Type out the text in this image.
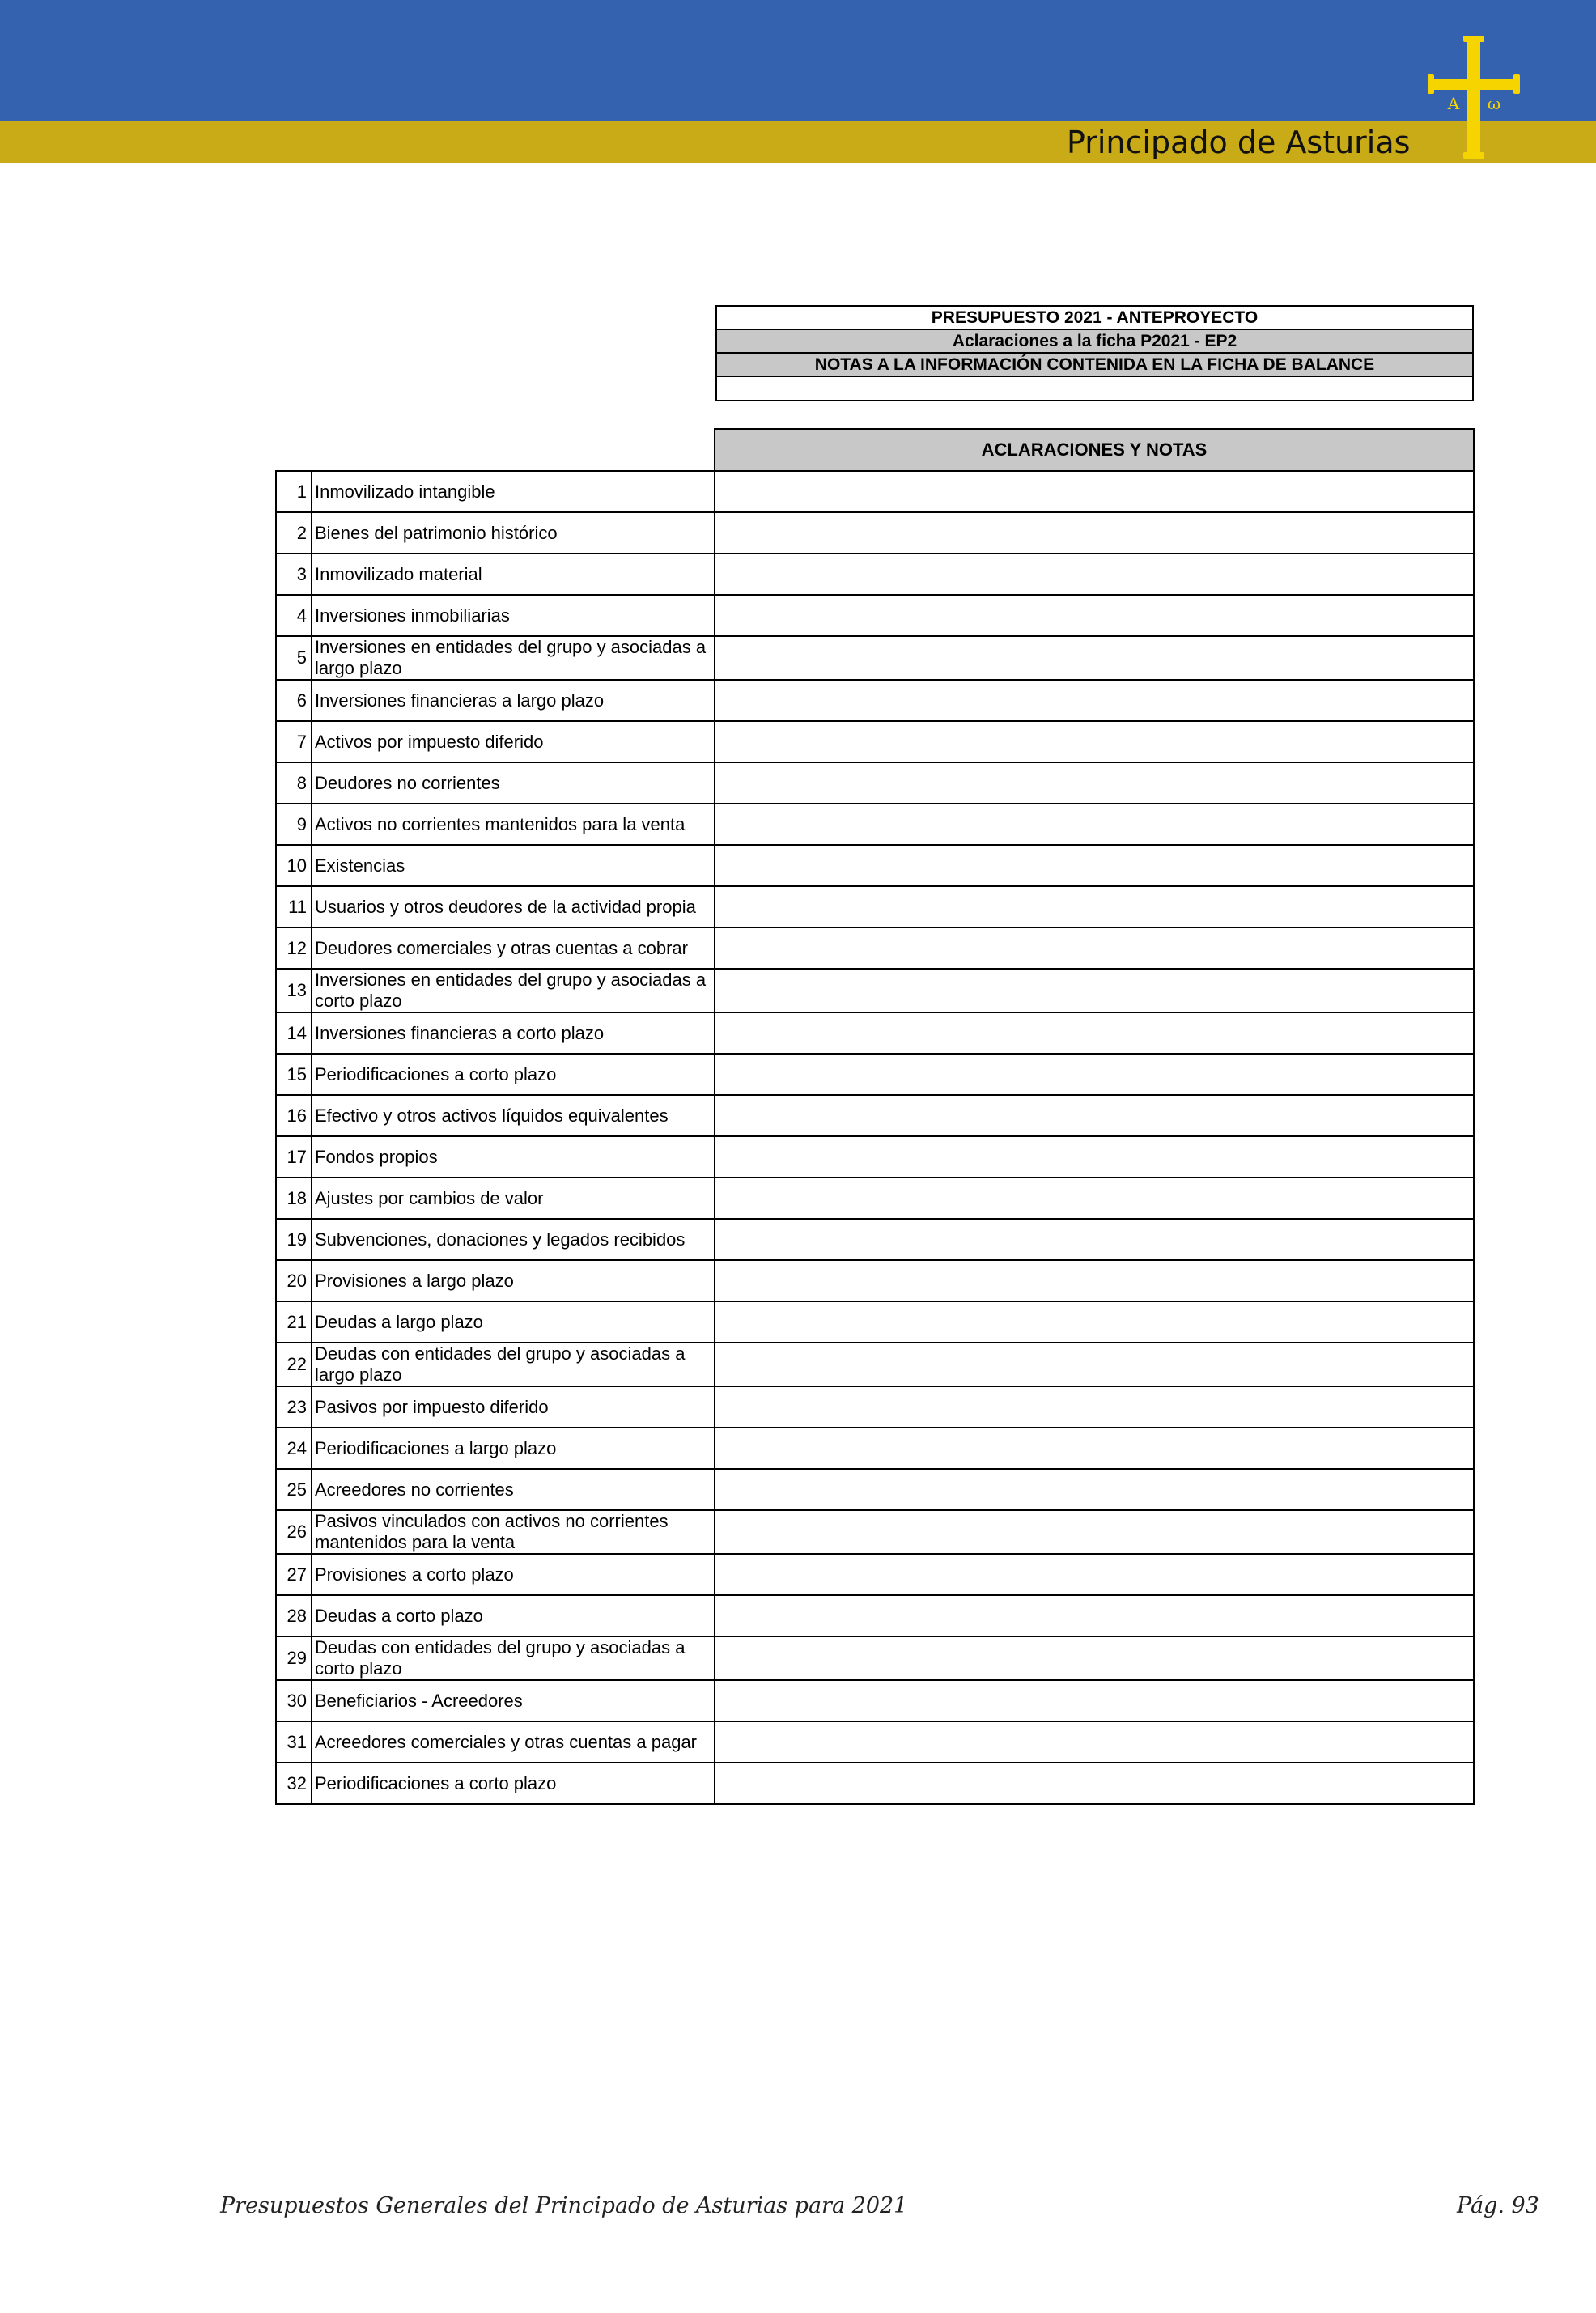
A ω
Principado de Asturias
PRESUPUESTO 2021 - ANTEPROYECTO
Aclaraciones a la ficha P2021 - EP2
NOTAS A LA INFORMACIÓN CONTENIDA EN LA FICHA DE BALANCE

		ACLARACIONES Y NOTAS
1	Inmovilizado intangible	
2	Bienes del patrimonio histórico	
3	Inmovilizado material	
4	Inversiones inmobiliarias	
5	Inversiones en entidades del grupo y asociadas a largo plazo	
6	Inversiones financieras a largo plazo	
7	Activos por impuesto diferido	
8	Deudores no corrientes	
9	Activos no corrientes mantenidos para la venta	
10	Existencias	
11	Usuarios y otros deudores de la actividad propia	
12	Deudores comerciales y otras cuentas a cobrar	
13	Inversiones en entidades del grupo y asociadas a corto plazo	
14	Inversiones financieras a corto plazo	
15	Periodificaciones a corto plazo	
16	Efectivo y otros activos líquidos equivalentes	
17	Fondos propios	
18	Ajustes por cambios de valor	
19	Subvenciones, donaciones y legados recibidos	
20	Provisiones a largo plazo	
21	Deudas a largo plazo	
22	Deudas con entidades del grupo y asociadas a largo plazo	
23	Pasivos por impuesto diferido	
24	Periodificaciones a largo plazo	
25	Acreedores no corrientes	
26	Pasivos vinculados con activos no corrientes mantenidos para la venta	
27	Provisiones a corto plazo	
28	Deudas a corto plazo	
29	Deudas con entidades del grupo y asociadas a corto plazo	
30	Beneficiarios - Acreedores	
31	Acreedores comerciales y otras cuentas a pagar	
32	Periodificaciones a corto plazo	
Presupuestos Generales del Principado de Asturias para 2021	Pág. 93
